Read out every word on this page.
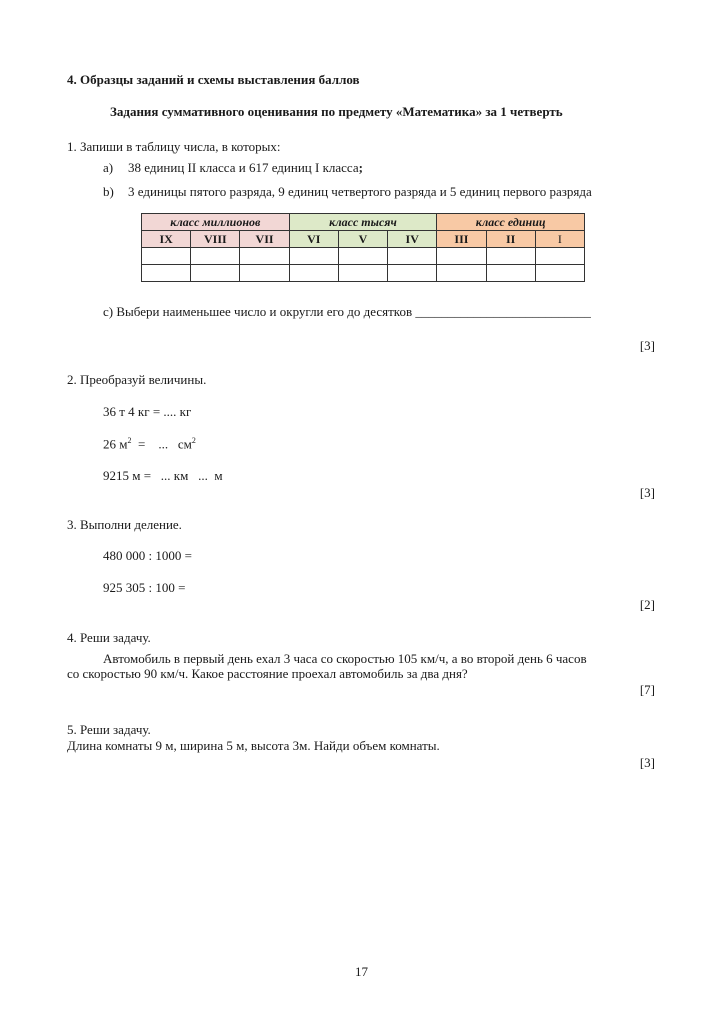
4. Образцы заданий и схемы выставления баллов
Задания суммативного оценивания по предмету «Математика» за 1 четверть
1. Запиши в таблицу числа, в которых:
a) 38 единиц II класса и 617 единиц I класса;
b) 3 единицы пятого разряда, 9 единиц четвертого разряда и 5 единиц первого разряда
класс миллионов			класс тысяч			класс единиц		
IX	VIII	VII	VI	V	IV	III	II	I

c) Выбери наименьшее число и округли его до десятков ___________________________
[3]
2. Преобразуй величины.
36 т 4 кг = .... кг
26 $м^2$  =    ...   $см^2$
9215 м =   ... км   ...  м
[3]
3. Выполни деление.
480 000 : 1000 =
925 305 : 100 =
[2]
4. Реши задачу.
Автомобиль в первый день ехал 3 часа со скоростью 105 км/ч, а во второй день 6 часов
со скоростью 90 км/ч. Какое расстояние проехал автомобиль за два дня?
[7]
5. Реши задачу.
Длина комнаты 9 м, ширина 5 м, высота 3м. Найди объем комнаты.
[3]
17
